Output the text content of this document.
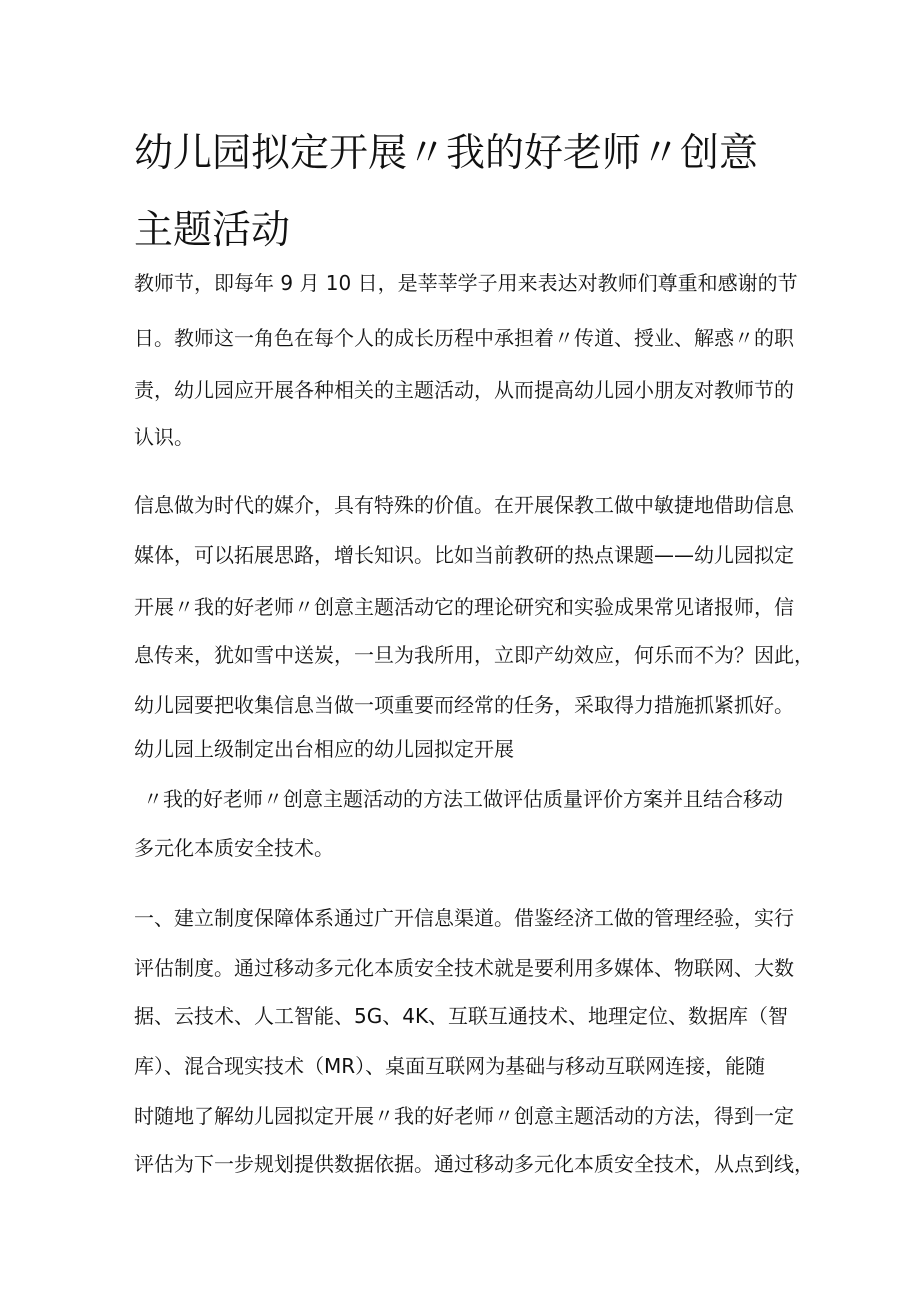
幼儿园拟定开展〃我的好老师〃创意
主题活动

教师节，即每年 9 月 10 日，是莘莘学子用来表达对教师们尊重和感谢的节

日。教师这一角色在每个人的成长历程中承担着〃传道、授业、解惑〃的职

责，幼儿园应开展各种相关的主题活动，从而提高幼儿园小朋友对教师节的

认识。

信息做为时代的媒介，具有特殊的价值。在开展保教工做中敏捷地借助信息

媒体，可以拓展思路，增长知识。比如当前教研的热点课题——幼儿园拟定

开展〃我的好老师〃创意主题活动它的理论研究和实验成果常见诸报师，信

息传来，犹如雪中送炭，一旦为我所用，立即产幼效应，何乐而不为？因此，

幼儿园要把收集信息当做一项重要而经常的任务，采取得力措施抓紧抓好。

幼儿园上级制定出台相应的幼儿园拟定开展

〃我的好老师〃创意主题活动的方法工做评估质量评价方案并且结合移动

多元化本质安全技术。

一、建立制度保障体系通过广开信息渠道。借鉴经济工做的管理经验，实行

评估制度。通过移动多元化本质安全技术就是要利用多媒体、物联网、大数

据、云技术、人工智能、5G、4K、互联互通技术、地理定位、数据库（智

库）、混合现实技术（MR）、桌面互联网为基础与移动互联网连接，能随

时随地了解幼儿园拟定开展〃我的好老师〃创意主题活动的方法，得到一定

评估为下一步规划提供数据依据。通过移动多元化本质安全技术，从点到线，
